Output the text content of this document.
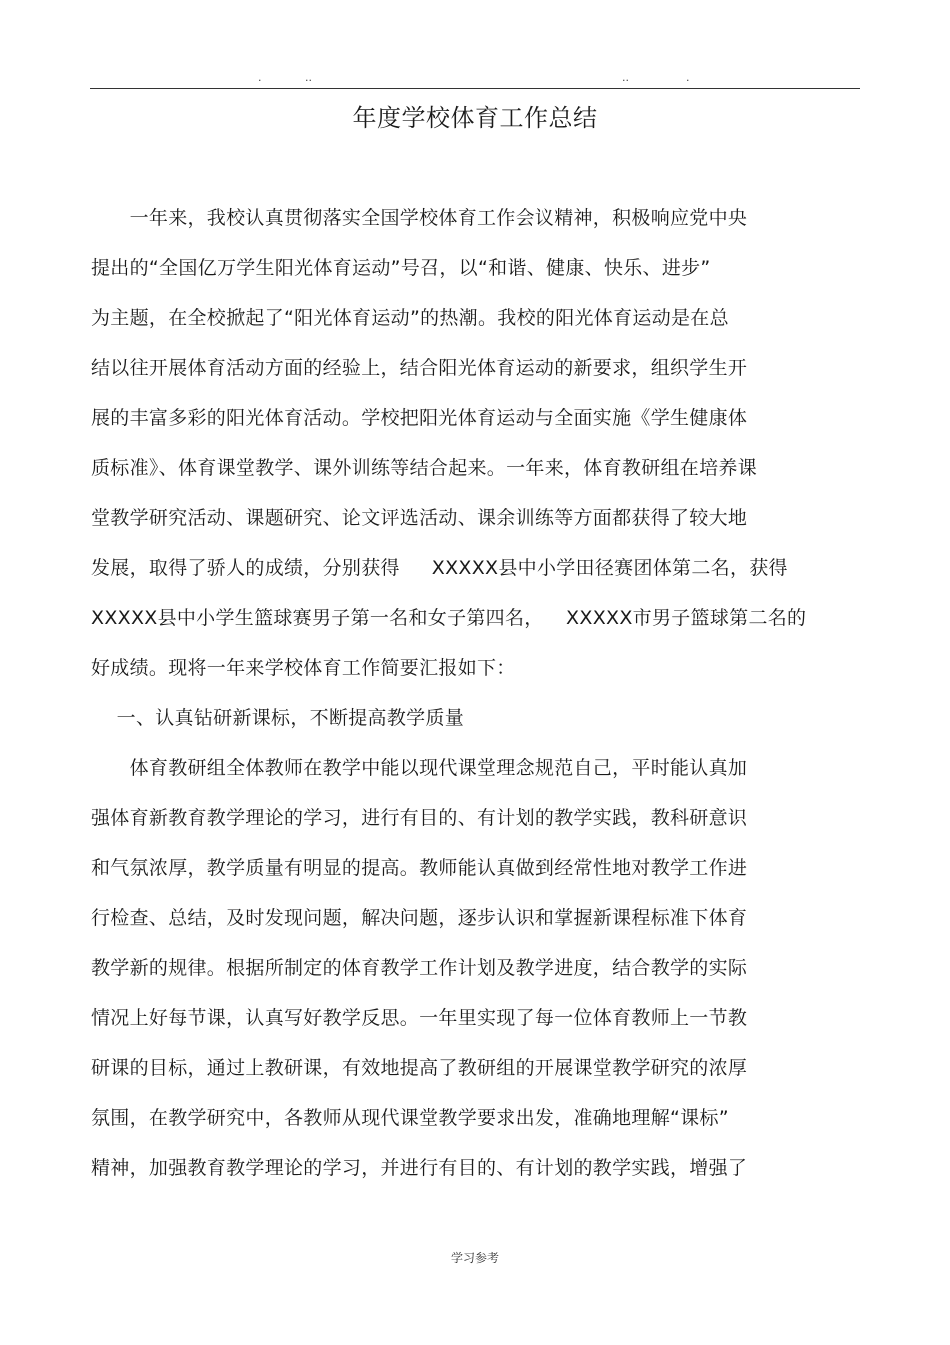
.	..	..	.
年度学校体育工作总结
　　一年来，我校认真贯彻落实全国学校体育工作会议精神，积极响应党中央
提出的“全国亿万学生阳光体育运动”号召，以“和谐、健康、快乐、进步”
为主题，在全校掀起了“阳光体育运动”的热潮。我校的阳光体育运动是在总
结以往开展体育活动方面的经验上，结合阳光体育运动的新要求，组织学生开
展的丰富多彩的阳光体育活动。学校把阳光体育运动与全面实施《学生健康体
质标准》、体育课堂教学、课外训练等结合起来。一年来，体育教研组在培养课
堂教学研究活动、课题研究、论文评选活动、课余训练等方面都获得了较大地
发展，取得了骄人的成绩，分别获得　  XXXXX县中小学田径赛团体第二名，获得
XXXXX县中小学生篮球赛男子第一名和女子第四名，　  XXXXX市男子篮球第二名的
好成绩。现将一年来学校体育工作简要汇报如下：
　 一、认真钻研新课标，不断提高教学质量
　　体育教研组全体教师在教学中能以现代课堂理念规范自己，平时能认真加
强体育新教育教学理论的学习，进行有目的、有计划的教学实践，教科研意识
和气氛浓厚，教学质量有明显的提高。教师能认真做到经常性地对教学工作进
行检查、总结，及时发现问题，解决问题，逐步认识和掌握新课程标准下体育
教学新的规律。根据所制定的体育教学工作计划及教学进度，结合教学的实际
情况上好每节课，认真写好教学反思。一年里实现了每一位体育教师上一节教
研课的目标，通过上教研课，有效地提高了教研组的开展课堂教学研究的浓厚
氛围，在教学研究中，各教师从现代课堂教学要求出发，准确地理解“课标”
精神，加强教育教学理论的学习，并进行有目的、有计划的教学实践，增强了
学习参考
